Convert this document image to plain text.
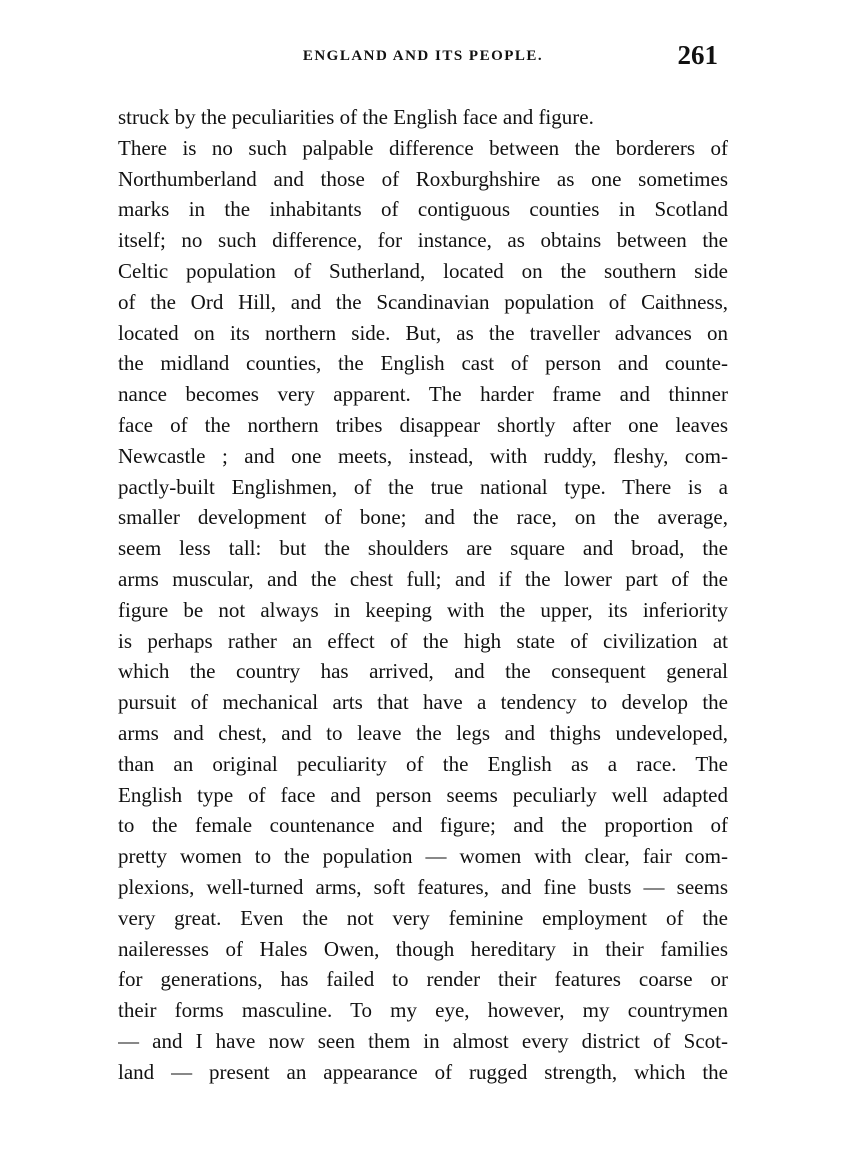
ENGLAND AND ITS PEOPLE.	261
struck by the peculiarities of the English face and figure.
There is no such palpable difference between the borderers of
Northumberland and those of Roxburghshire as one sometimes
marks in the inhabitants of contiguous counties in Scotland
itself; no such difference, for instance, as obtains between the
Celtic population of Sutherland, located on the southern side
of the Ord Hill, and the Scandinavian population of Caithness,
located on its northern side. But, as the traveller advances on
the midland counties, the English cast of person and counte-
nance becomes very apparent. The harder frame and thinner
face of the northern tribes disappear shortly after one leaves
Newcastle ; and one meets, instead, with ruddy, fleshy, com-
pactly-built Englishmen, of the true national type. There is a
smaller development of bone; and the race, on the average,
seem less tall: but the shoulders are square and broad, the
arms muscular, and the chest full; and if the lower part of the
figure be not always in keeping with the upper, its inferiority
is perhaps rather an effect of the high state of civilization at
which the country has arrived, and the consequent general
pursuit of mechanical arts that have a tendency to develop the
arms and chest, and to leave the legs and thighs undeveloped,
than an original peculiarity of the English as a race. The
English type of face and person seems peculiarly well adapted
to the female countenance and figure; and the proportion of
pretty women to the population — women with clear, fair com-
plexions, well-turned arms, soft features, and fine busts — seems
very great. Even the not very feminine employment of the
naileresses of Hales Owen, though hereditary in their families
for generations, has failed to render their features coarse or
their forms masculine. To my eye, however, my countrymen
— and I have now seen them in almost every district of Scot-
land — present an appearance of rugged strength, which the
